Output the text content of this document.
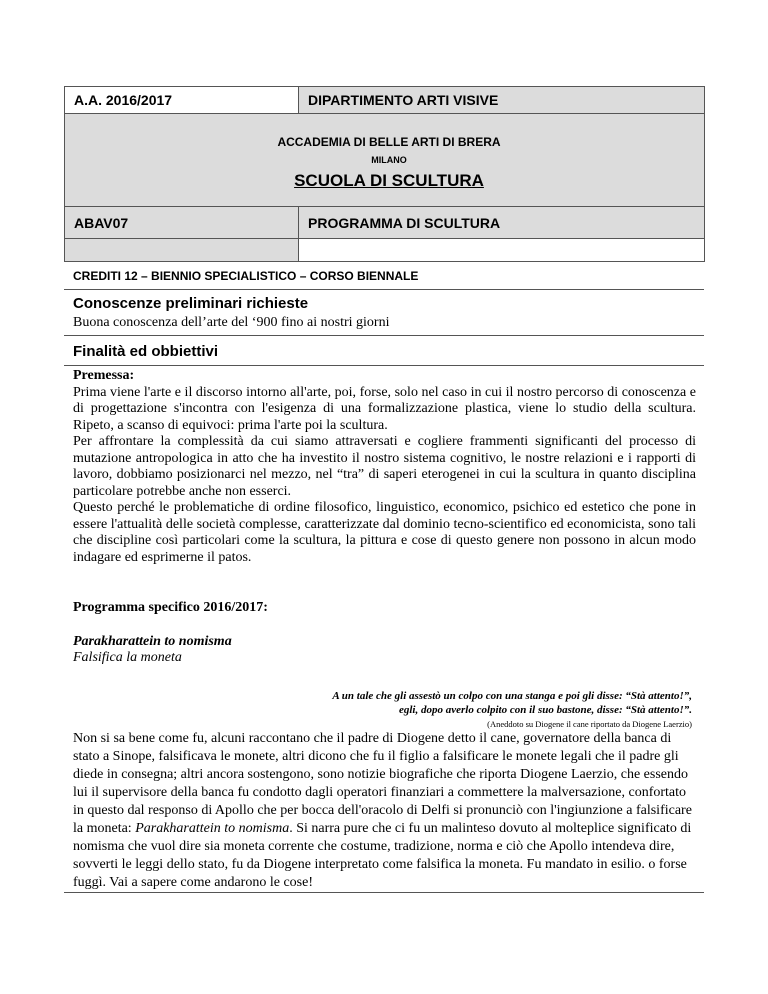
A.A. 2016/2017	DIPARTIMENTO ARTI VISIVE

ACCADEMIA DI BELLE ARTI DI BRERA
MILANO
SCUOLA DI SCULTURA	

ABAV07	PROGRAMMA DI SCULTURA

CREDITI 12 – BIENNIO SPECIALISTICO – CORSO BIENNALE
Conoscenze preliminari richieste
Buona conoscenza dell’arte del ‘900 fino ai nostri giorni
Finalità ed obbiettivi

Premessa:

Prima viene l'arte e il discorso intorno all'arte, poi, forse, solo nel caso in cui il nostro percorso di conoscenza e di progettazione s'incontra con l'esigenza di una formalizzazione plastica, viene lo studio della scultura. Ripeto, a scanso di equivoci: prima l'arte poi la scultura.

Per affrontare la complessità da cui siamo attraversati e cogliere frammenti significanti del processo di mutazione antropologica in atto che ha investito il nostro sistema cognitivo, le nostre relazioni e i rapporti di lavoro, dobbiamo posizionarci nel mezzo, nel “tra” di saperi eterogenei in cui la scultura in quanto disciplina particolare potrebbe anche non esserci.

Questo perché le problematiche di ordine filosofico, linguistico, economico, psichico ed estetico che pone in essere l'attualità delle società complesse, caratterizzate dal dominio tecno-scientifico ed economicista, sono tali che discipline così particolari come la scultura, la pittura e cose di questo genere non possono in alcun modo indagare ed esprimerne il patos.

Programma specifico 2016/2017:

Parakharattein to nomisma

Falsifica la moneta

A un tale che gli assestò un colpo con una stanga e poi gli disse: “Stà attento!”,
egli, dopo averlo colpito con il suo bastone, disse: “Stà attento!”.
(Aneddoto su Diogene il cane riportato da Diogene Laerzio)

Non si sa bene come fu, alcuni raccontano che il padre di Diogene detto il cane, governatore della banca di stato a Sinope, falsificava le monete, altri dicono che fu il figlio a falsificare le monete legali che il padre gli diede in consegna; altri ancora sostengono, sono notizie biografiche che riporta Diogene Laerzio, che essendo lui il supervisore della banca fu condotto dagli operatori finanziari a commettere la malversazione, confortato in questo dal responso di Apollo che per bocca dell'oracolo di Delfi si pronunciò con l'ingiunzione a falsificare la moneta: Parakharattein to nomisma. Si narra pure che ci fu un malinteso dovuto al molteplice significato di nomisma che vuol dire sia moneta corrente che costume, tradizione, norma e ciò che Apollo intendeva dire, sovverti le leggi dello stato, fu da Diogene interpretato come falsifica la moneta. Fu mandato in esilio. o forse fuggì. Vai a sapere come andarono le cose!
